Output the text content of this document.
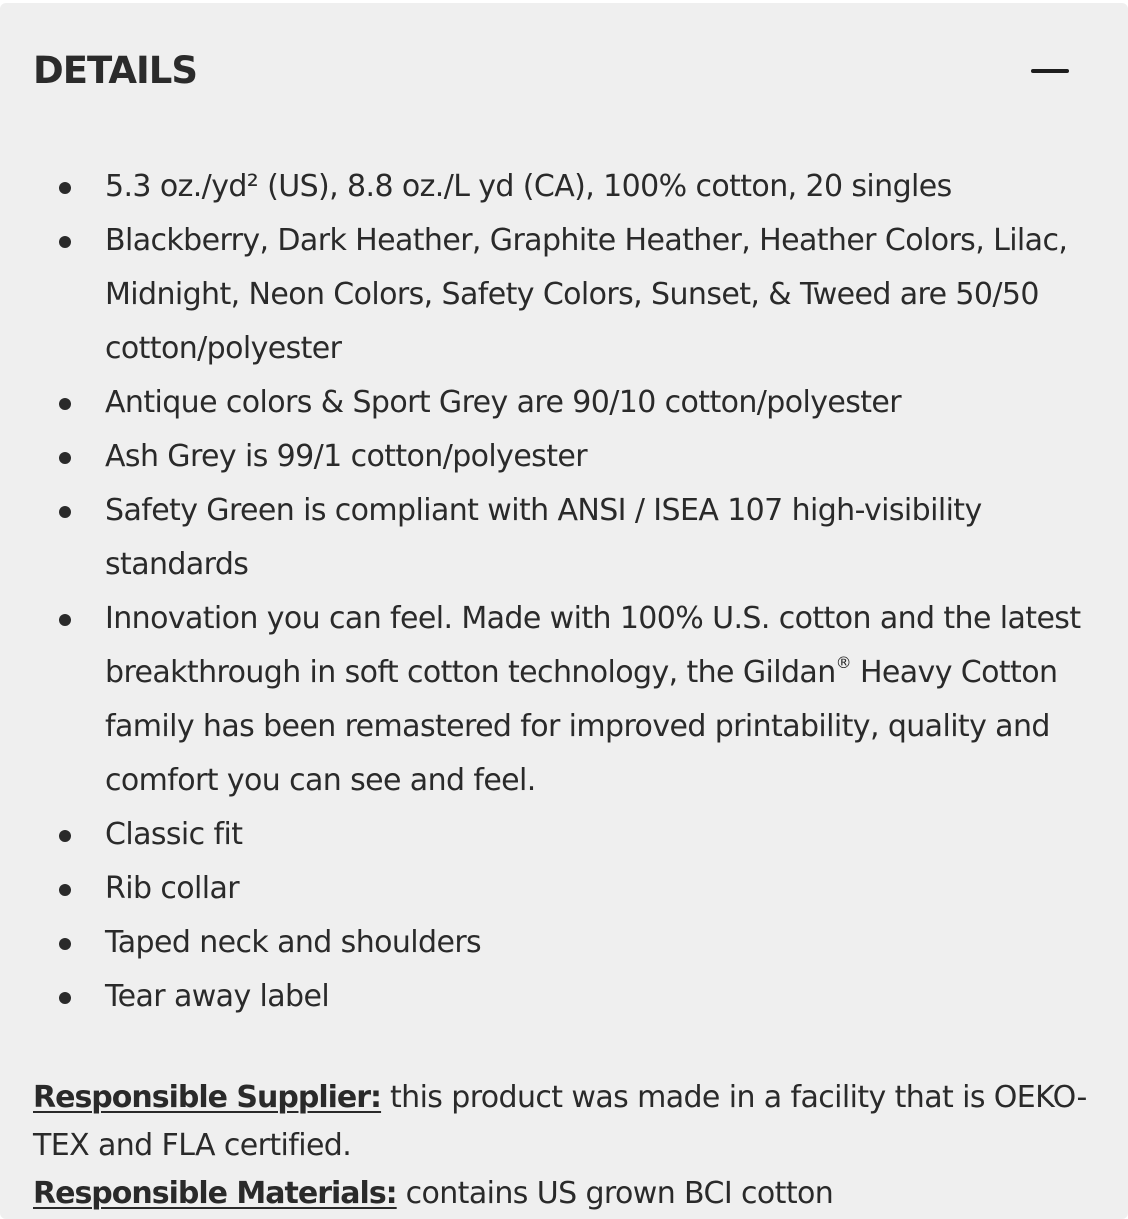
DETAILS
5.3 oz./yd² (US), 8.8 oz./L yd (CA), 100% cotton, 20 singles
Blackberry, Dark Heather, Graphite Heather, Heather Colors, Lilac, Midnight, Neon Colors, Safety Colors, Sunset, & Tweed are 50/50 cotton/polyester
Antique colors & Sport Grey are 90/10 cotton/polyester
Ash Grey is 99/1 cotton/polyester
Safety Green is compliant with ANSI / ISEA 107 high-visibility standards
Innovation you can feel. Made with 100% U.S. cotton and the latest breakthrough in soft cotton technology, the Gildan® Heavy Cotton family has been remastered for improved printability, quality and comfort you can see and feel.
Classic fit
Rib collar
Taped neck and shoulders
Tear away label

Responsible Supplier: this product was made in a facility that is OEKO-TEX and FLA certified.

Responsible Materials: contains US grown BCI cotton
